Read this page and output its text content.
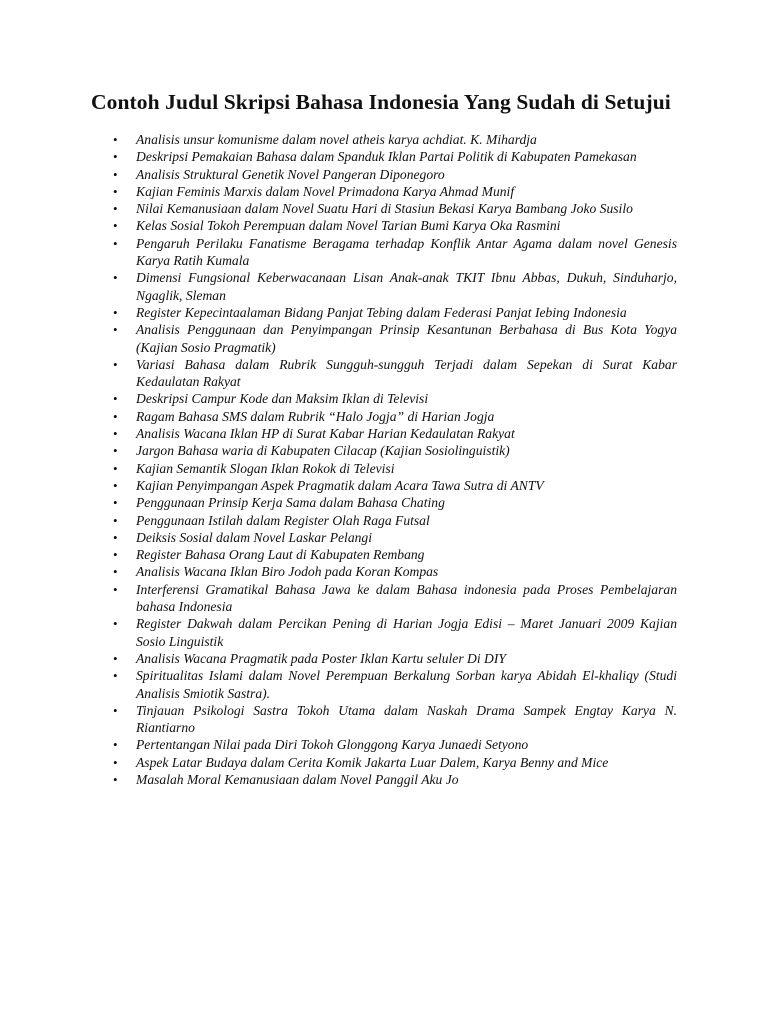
Contoh Judul Skripsi Bahasa Indonesia Yang Sudah di Setujui
• Analisis unsur komunisme dalam novel atheis karya achdiat. K. Mihardja
• Deskripsi Pemakaian Bahasa dalam Spanduk Iklan Partai Politik di Kabupaten Pamekasan
• Analisis Struktural Genetik Novel Pangeran Diponegoro
• Kajian Feminis Marxis dalam Novel Primadona Karya Ahmad Munif
• Nilai Kemanusiaan dalam Novel Suatu Hari di Stasiun Bekasi Karya Bambang Joko Susilo
• Kelas Sosial Tokoh Perempuan dalam Novel Tarian Bumi Karya Oka Rasmini
• Pengaruh Perilaku Fanatisme Beragama terhadap Konflik Antar Agama dalam novel Genesis Karya Ratih Kumala
• Dimensi Fungsional Keberwacanaan Lisan Anak-anak TKIT Ibnu Abbas, Dukuh, Sinduharjo, Ngaglik, Sleman
• Register Kepecintaalaman Bidang Panjat Tebing dalam Federasi Panjat Iebing Indonesia
• Analisis Penggunaan dan Penyimpangan Prinsip Kesantunan Berbahasa di Bus Kota Yogya (Kajian Sosio Pragmatik)
• Variasi Bahasa dalam Rubrik Sungguh-sungguh Terjadi dalam Sepekan di Surat Kabar Kedaulatan Rakyat
• Deskripsi Campur Kode dan Maksim Iklan di Televisi
• Ragam Bahasa SMS dalam Rubrik “Halo Jogja” di Harian Jogja
• Analisis Wacana Iklan HP di Surat Kabar Harian Kedaulatan Rakyat
• Jargon Bahasa waria di Kabupaten Cilacap (Kajian Sosiolinguistik)
• Kajian Semantik Slogan Iklan Rokok di Televisi
• Kajian Penyimpangan Aspek Pragmatik dalam Acara Tawa Sutra di ANTV
• Penggunaan Prinsip Kerja Sama dalam Bahasa Chating
• Penggunaan Istilah dalam Register Olah Raga Futsal
• Deiksis Sosial dalam Novel Laskar Pelangi
• Register Bahasa Orang Laut di Kabupaten Rembang
• Analisis Wacana Iklan Biro Jodoh pada Koran Kompas
• Interferensi Gramatikal Bahasa Jawa ke dalam Bahasa indonesia pada Proses Pembelajaran bahasa Indonesia
• Register Dakwah dalam Percikan Pening di Harian Jogja Edisi – Maret Januari 2009 Kajian Sosio Linguistik
• Analisis Wacana Pragmatik pada Poster Iklan Kartu seluler Di DIY
• Spiritualitas Islami dalam Novel Perempuan Berkalung Sorban karya Abidah El-khaliqy (Studi Analisis Smiotik Sastra).
• Tinjauan Psikologi Sastra Tokoh Utama dalam Naskah Drama Sampek Engtay Karya N. Riantiarno
• Pertentangan Nilai pada Diri Tokoh Glonggong Karya Junaedi Setyono
• Aspek Latar Budaya dalam Cerita Komik Jakarta Luar Dalem, Karya Benny and Mice
• Masalah Moral Kemanusiaan dalam Novel Panggil Aku Jo
